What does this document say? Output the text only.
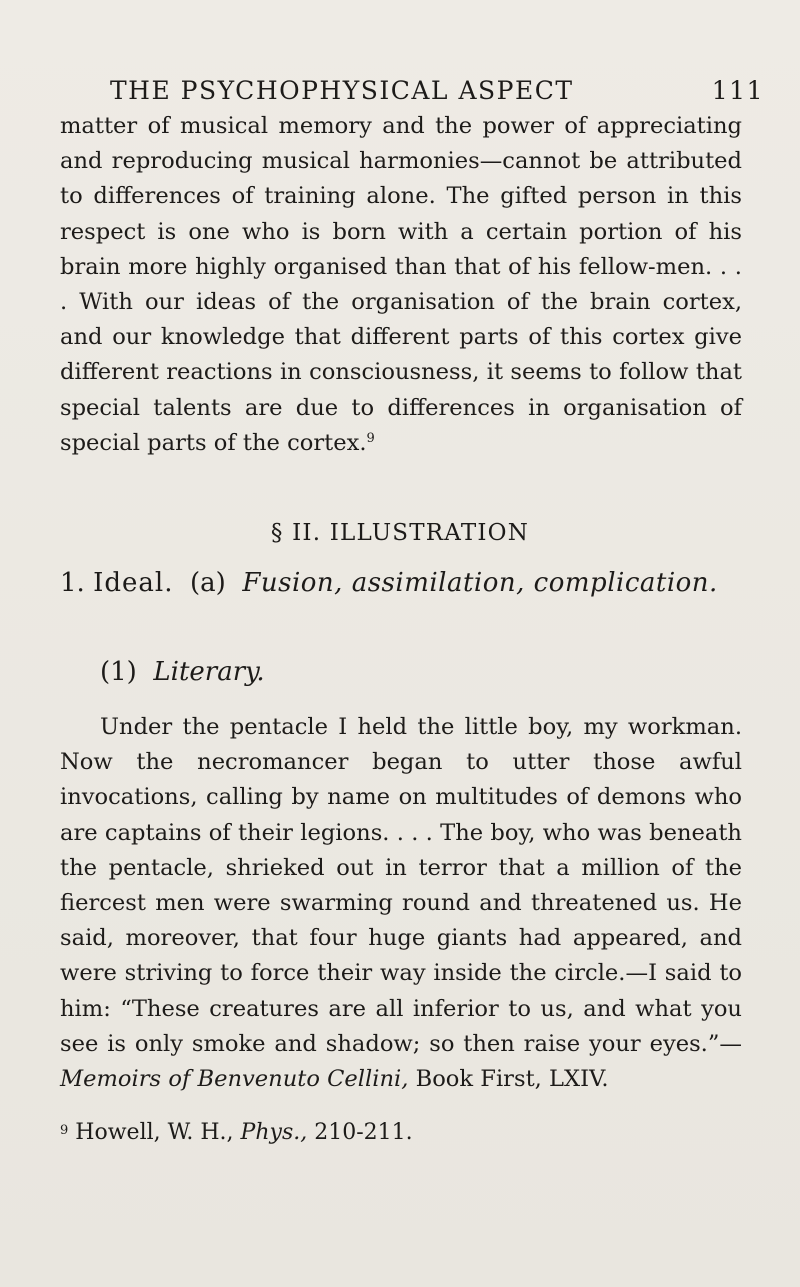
THE PSYCHOPHYSICAL ASPECT	111

matter of musical memory and the power of appreciating and reproducing musical harmonies—cannot be attributed to differences of training alone. The gifted person in this respect is one who is born with a certain portion of his brain more highly organised than that of his fellow-men. . . . With our ideas of the organisation of the brain cortex, and our knowledge that different parts of this cortex give different reactions in consciousness, it seems to follow that special talents are due to differences in organisation of special parts of the cortex.$^9$

§ II. ILLUSTRATION

1. Ideal. (a) Fusion, assimilation, complication.

(1) Literary.

Under the pentacle I held the little boy, my workman. Now the necromancer began to utter those awful invocations, calling by name on multitudes of demons who are captains of their legions. . . . The boy, who was beneath the pentacle, shrieked out in terror that a million of the fiercest men were swarming round and threatened us. He said, moreover, that four huge giants had appeared, and were striving to force their way inside the circle.—I said to him: “These creatures are all inferior to us, and what you see is only smoke and shadow; so then raise your eyes.”—Memoirs of Benvenuto Cellini, Book First, LXIV.

$^9$ Howell, W. H., Phys., 210-211.
